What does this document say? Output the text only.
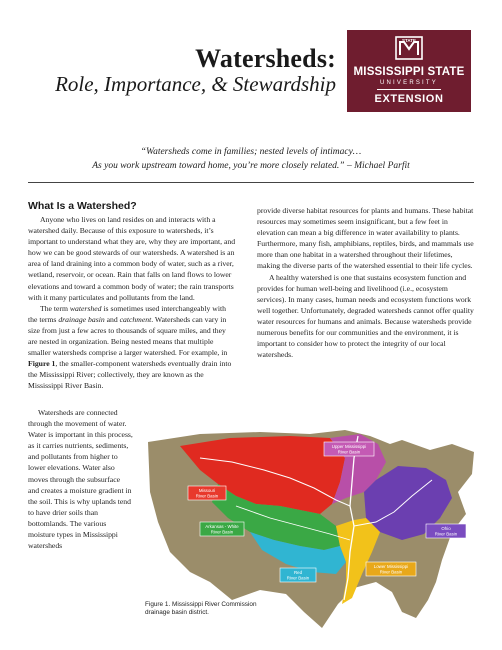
Watersheds:
Role, Importance, & Stewardship
STATE
MISSISSIPPI STATE
UNIVERSITY
EXTENSION
“Watersheds come in families; nested levels of intimacy…
As you work upstream toward home, you’re more closely related.” – Michael Parfit
What Is a Watershed?

Anyone who lives on land resides on and interacts with a watershed daily. Because of this exposure to watersheds, it’s important to understand what they are, why they are important, and how we can be good stewards of our watersheds. A watershed is an area of land draining into a common body of water, such as a river, wetland, reservoir, or ocean. Rain that falls on land flows to lower elevations and toward a common body of water; the rain transports with it many particulates and pollutants from the land.

The term watershed is sometimes used interchangeably with the terms drainage basin and catchment. Watersheds can vary in size from just a few acres to thousands of square miles, and they are nested in organization. Being nested means that multiple smaller watersheds comprise a larger watershed. For example, in Figure 1, the smaller-component watersheds eventually drain into the Mississippi River; collectively, they are known as the Mississippi River Basin.

Watersheds are connected through the movement of water. Water is important in this process, as it carries nutrients, sediments, and pollutants from higher to lower elevations. Water also moves through the subsurface and creates a moisture gradient in the soil. This is why uplands tend to have drier soils than bottomlands. The various moisture types in Mississippi watersheds

provide diverse habitat resources for plants and humans. These habitat resources may sometimes seem insignificant, but a few feet in elevation can mean a big difference in water availability to plants. Furthermore, many fish, amphibians, reptiles, birds, and mammals use more than one habitat in a watershed throughout their lifetimes, making the diverse parts of the watershed essential to their life cycles.

A healthy watershed is one that sustains ecosystem function and provides for human well-being and livelihood (i.e., ecosystem services). In many cases, human needs and ecosystem functions work well together. Unfortunately, degraded watersheds cannot offer quality water resources for humans and animals. Because watersheds provide numerous benefits for our communities and the environment, it is important to consider how to protect the integrity of our local watersheds.

Upper Mississippi
River Basin
Missouri
River Basin
Arkansas - White
River Basin
Ohio
River Basin
Lower Mississippi
River Basin
Red
River Basin
Figure 1. Mississippi River Commission drainage basin district.
